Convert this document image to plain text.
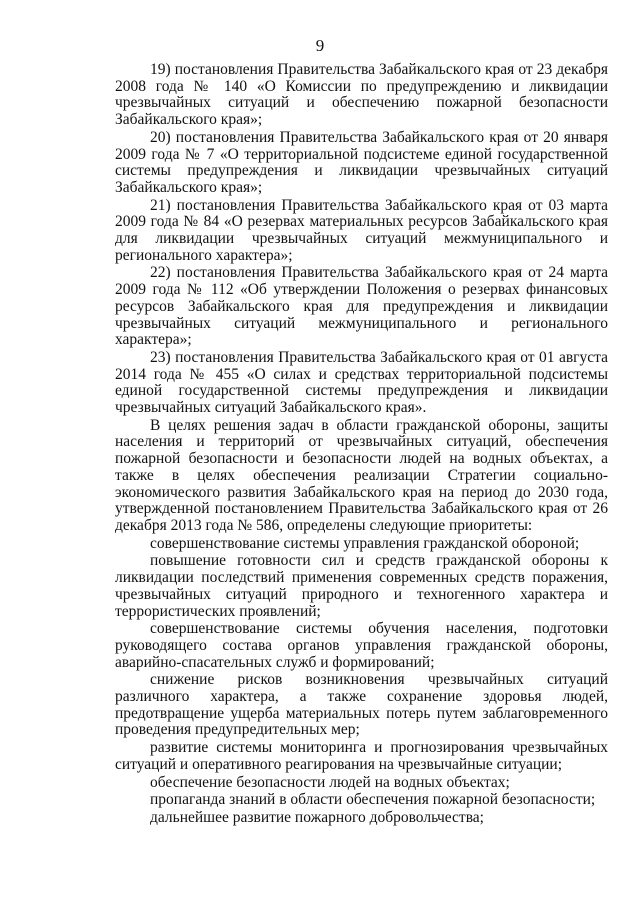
9

19) постановления Правительства Забайкальского края от 23 декабря 2008 года № 140 «О Комиссии по предупреждению и ликвидации чрезвычайных ситуаций и обеспечению пожарной безопасности Забайкальского края»;

20) постановления Правительства Забайкальского края от 20 января 2009 года № 7 «О территориальной подсистеме единой государственной системы предупреждения и ликвидации чрезвычайных ситуаций Забайкальского края»;

21) постановления Правительства Забайкальского края от 03 марта 2009 года № 84 «О резервах материальных ресурсов Забайкальского края для ликвидации чрезвычайных ситуаций межмуниципального и регионального характера»;

22) постановления Правительства Забайкальского края от 24 марта 2009 года № 112 «Об утверждении Положения о резервах финансовых ресурсов Забайкальского края для предупреждения и ликвидации чрезвычайных ситуаций межмуниципального и регионального характера»;

23) постановления Правительства Забайкальского края от 01 августа 2014 года № 455 «О силах и средствах территориальной подсистемы единой государственной системы предупреждения и ликвидации чрезвычайных ситуаций Забайкальского края».

В целях решения задач в области гражданской обороны, защиты населения и территорий от чрезвычайных ситуаций, обеспечения пожарной безопасности и безопасности людей на водных объектах, а также в целях обеспечения реализации Стратегии социально-экономического развития Забайкальского края на период до 2030 года, утвержденной постановлением Правительства Забайкальского края от 26 декабря 2013 года № 586, определены следующие приоритеты:

совершенствование системы управления гражданской обороной;

повышение готовности сил и средств гражданской обороны к ликвидации последствий применения современных средств поражения, чрезвычайных ситуаций природного и техногенного характера и террористических проявлений;

совершенствование системы обучения населения, подготовки руководящего состава органов управления гражданской обороны, аварийно-спасательных служб и формирований;

снижение рисков возникновения чрезвычайных ситуаций различного характера, а также сохранение здоровья людей, предотвращение ущерба материальных потерь путем заблаговременного проведения предупредительных мер;

развитие системы мониторинга и прогнозирования чрезвычайных ситуаций и оперативного реагирования на чрезвычайные ситуации;

обеспечение безопасности людей на водных объектах;

пропаганда знаний в области обеспечения пожарной безопасности;

дальнейшее развитие пожарного добровольчества;
